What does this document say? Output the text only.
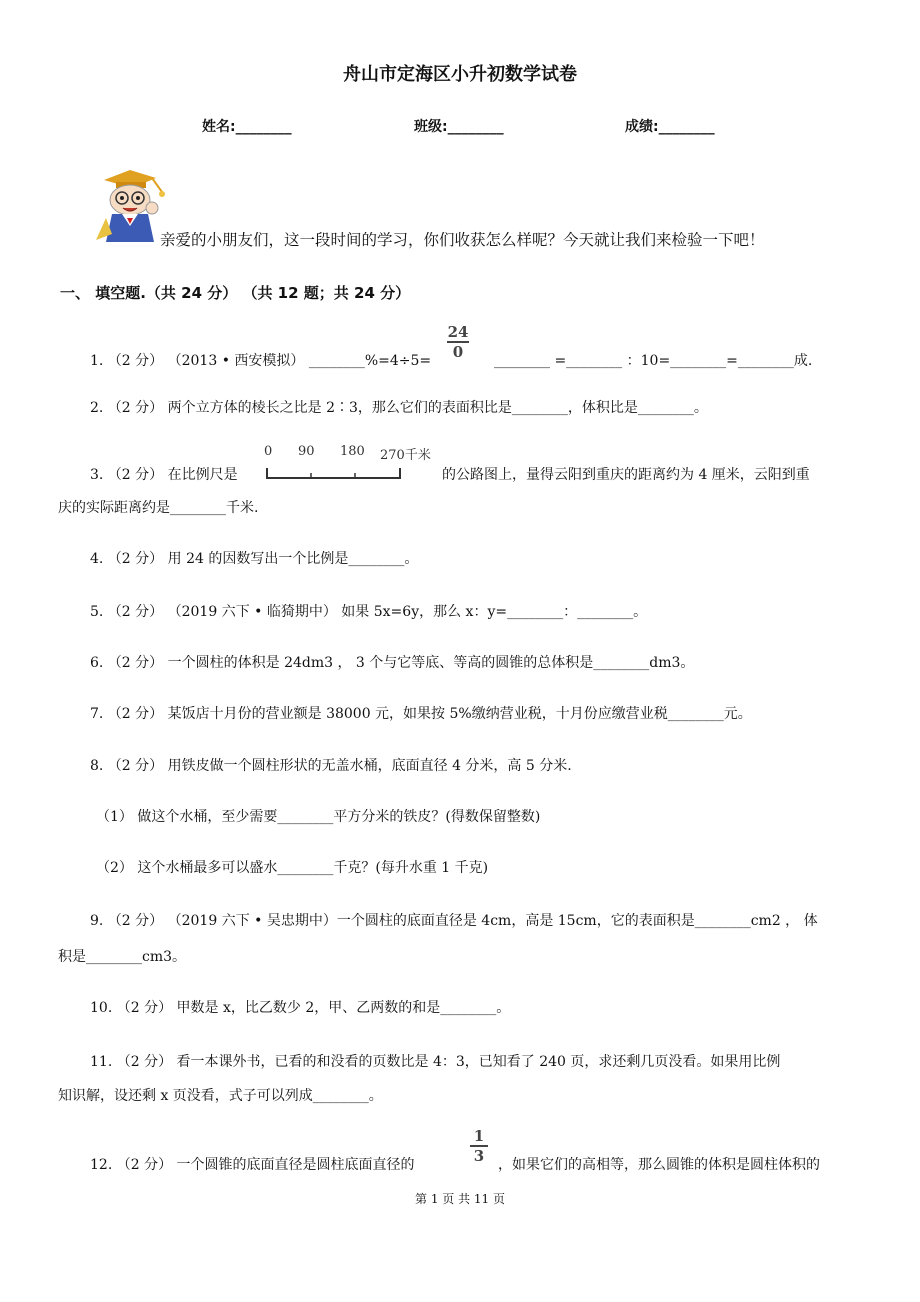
舟山市定海区小升初数学试卷
姓名:________	班级:________	成绩:________
亲爱的小朋友们，这一段时间的学习，你们收获怎么样呢？今天就让我们来检验一下吧！
一、 填空题.（共 24 分） （共 12 题；共 24 分）
1. （2 分） （2013 • 西安模拟） ________%=4÷5=
24
0
________ =________ ：10=________=________成.
2. （2 分） 两个立方体的棱长之比是 2∶3，那么它们的表面积比是________，体积比是________。
3. （2 分） 在比例尺是
0 90 180 270千米
的公路图上，量得云阳到重庆的距离约为 4 厘米，云阳到重
庆的实际距离约是________千米.
4. （2 分） 用 24 的因数写出一个比例是________。
5. （2 分） （2019 六下 • 临猗期中） 如果 5x=6y，那么 x：y=________：________。
6. （2 分） 一个圆柱的体积是 24dm3 ， 3 个与它等底、等高的圆锥的总体积是________dm3。
7. （2 分） 某饭店十月份的营业额是 38000 元，如果按 5%缴纳营业税，十月份应缴营业税________元。
8. （2 分） 用铁皮做一个圆柱形状的无盖水桶，底面直径 4 分米，高 5 分米.
（1） 做这个水桶，至少需要________平方分米的铁皮？(得数保留整数)
（2） 这个水桶最多可以盛水________千克？(每升水重 1 千克)
9. （2 分） （2019 六下 • 吴忠期中）一个圆柱的底面直径是 4cm，高是 15cm，它的表面积是________cm2 ， 体
积是________cm3。
10. （2 分） 甲数是 x，比乙数少 2，甲、乙两数的和是________。
11. （2 分） 看一本课外书，已看的和没看的页数比是 4：3，已知看了 240 页，求还剩几页没看。如果用比例
知识解，设还剩 x 页没看，式子可以列成________。
12. （2 分） 一个圆锥的底面直径是圆柱底面直径的
1
3
，如果它们的高相等，那么圆锥的体积是圆柱体积的
第 1 页 共 11 页
